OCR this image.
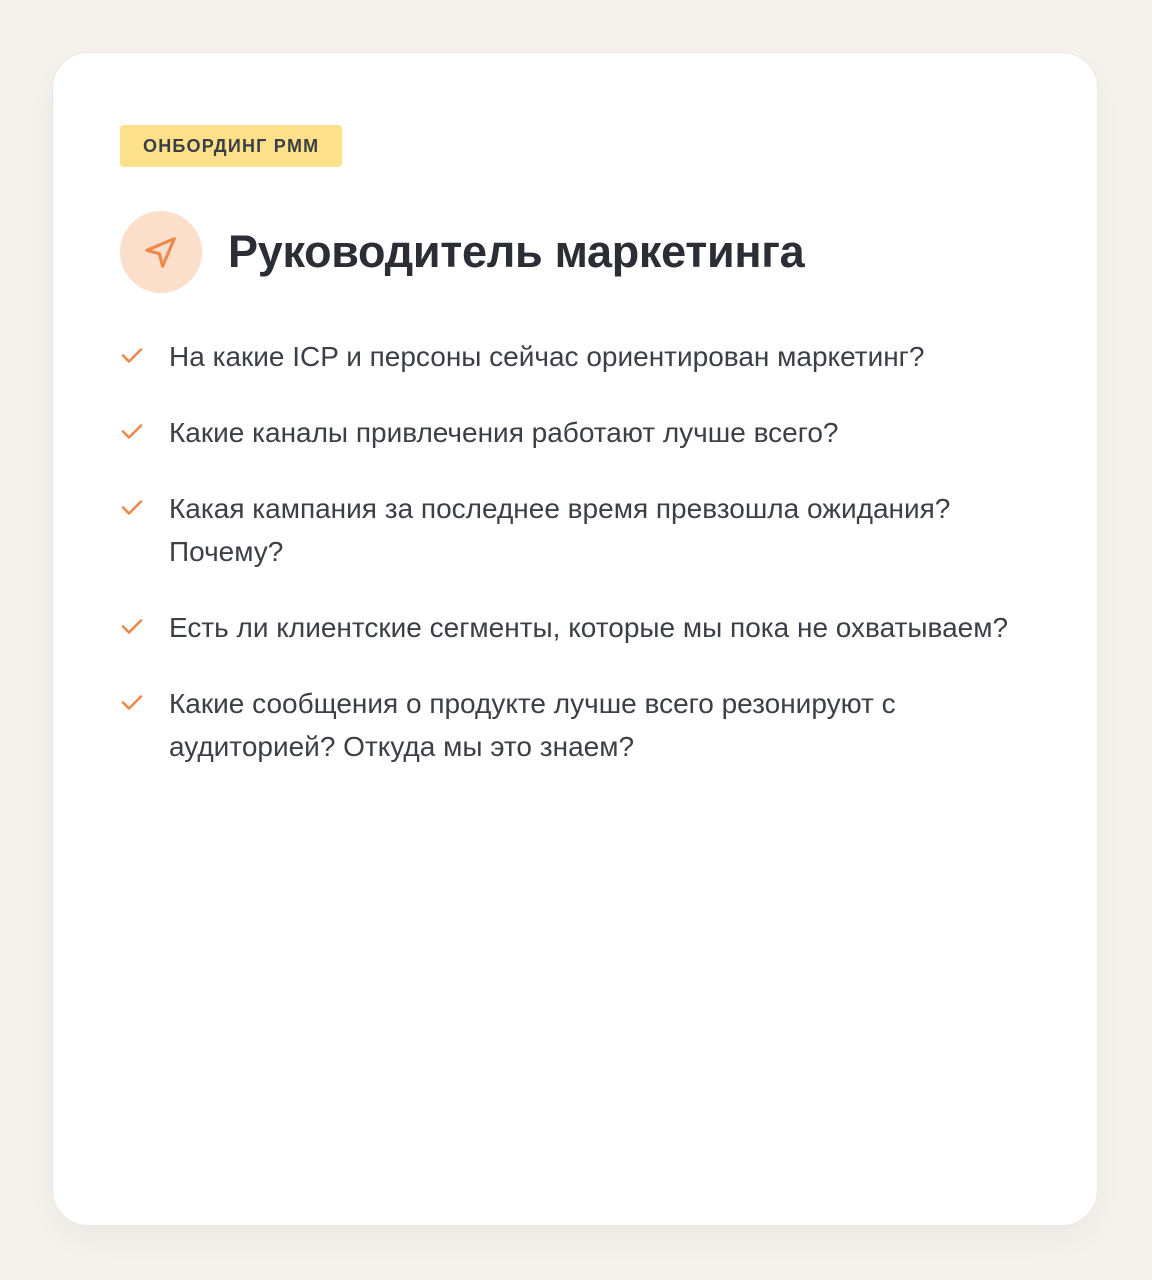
ОНБОРДИНГ PMM
Руководитель маркетинга
На какие ICP и персоны сейчас ориентирован маркетинг?
Какие каналы привлечения работают лучше всего?
Какая кампания за последнее время превзошла ожидания? Почему?
Есть ли клиентские сегменты, которые мы пока не охватываем?
Какие сообщения о продукте лучше всего резонируют с аудиторией? Откуда мы это знаем?
